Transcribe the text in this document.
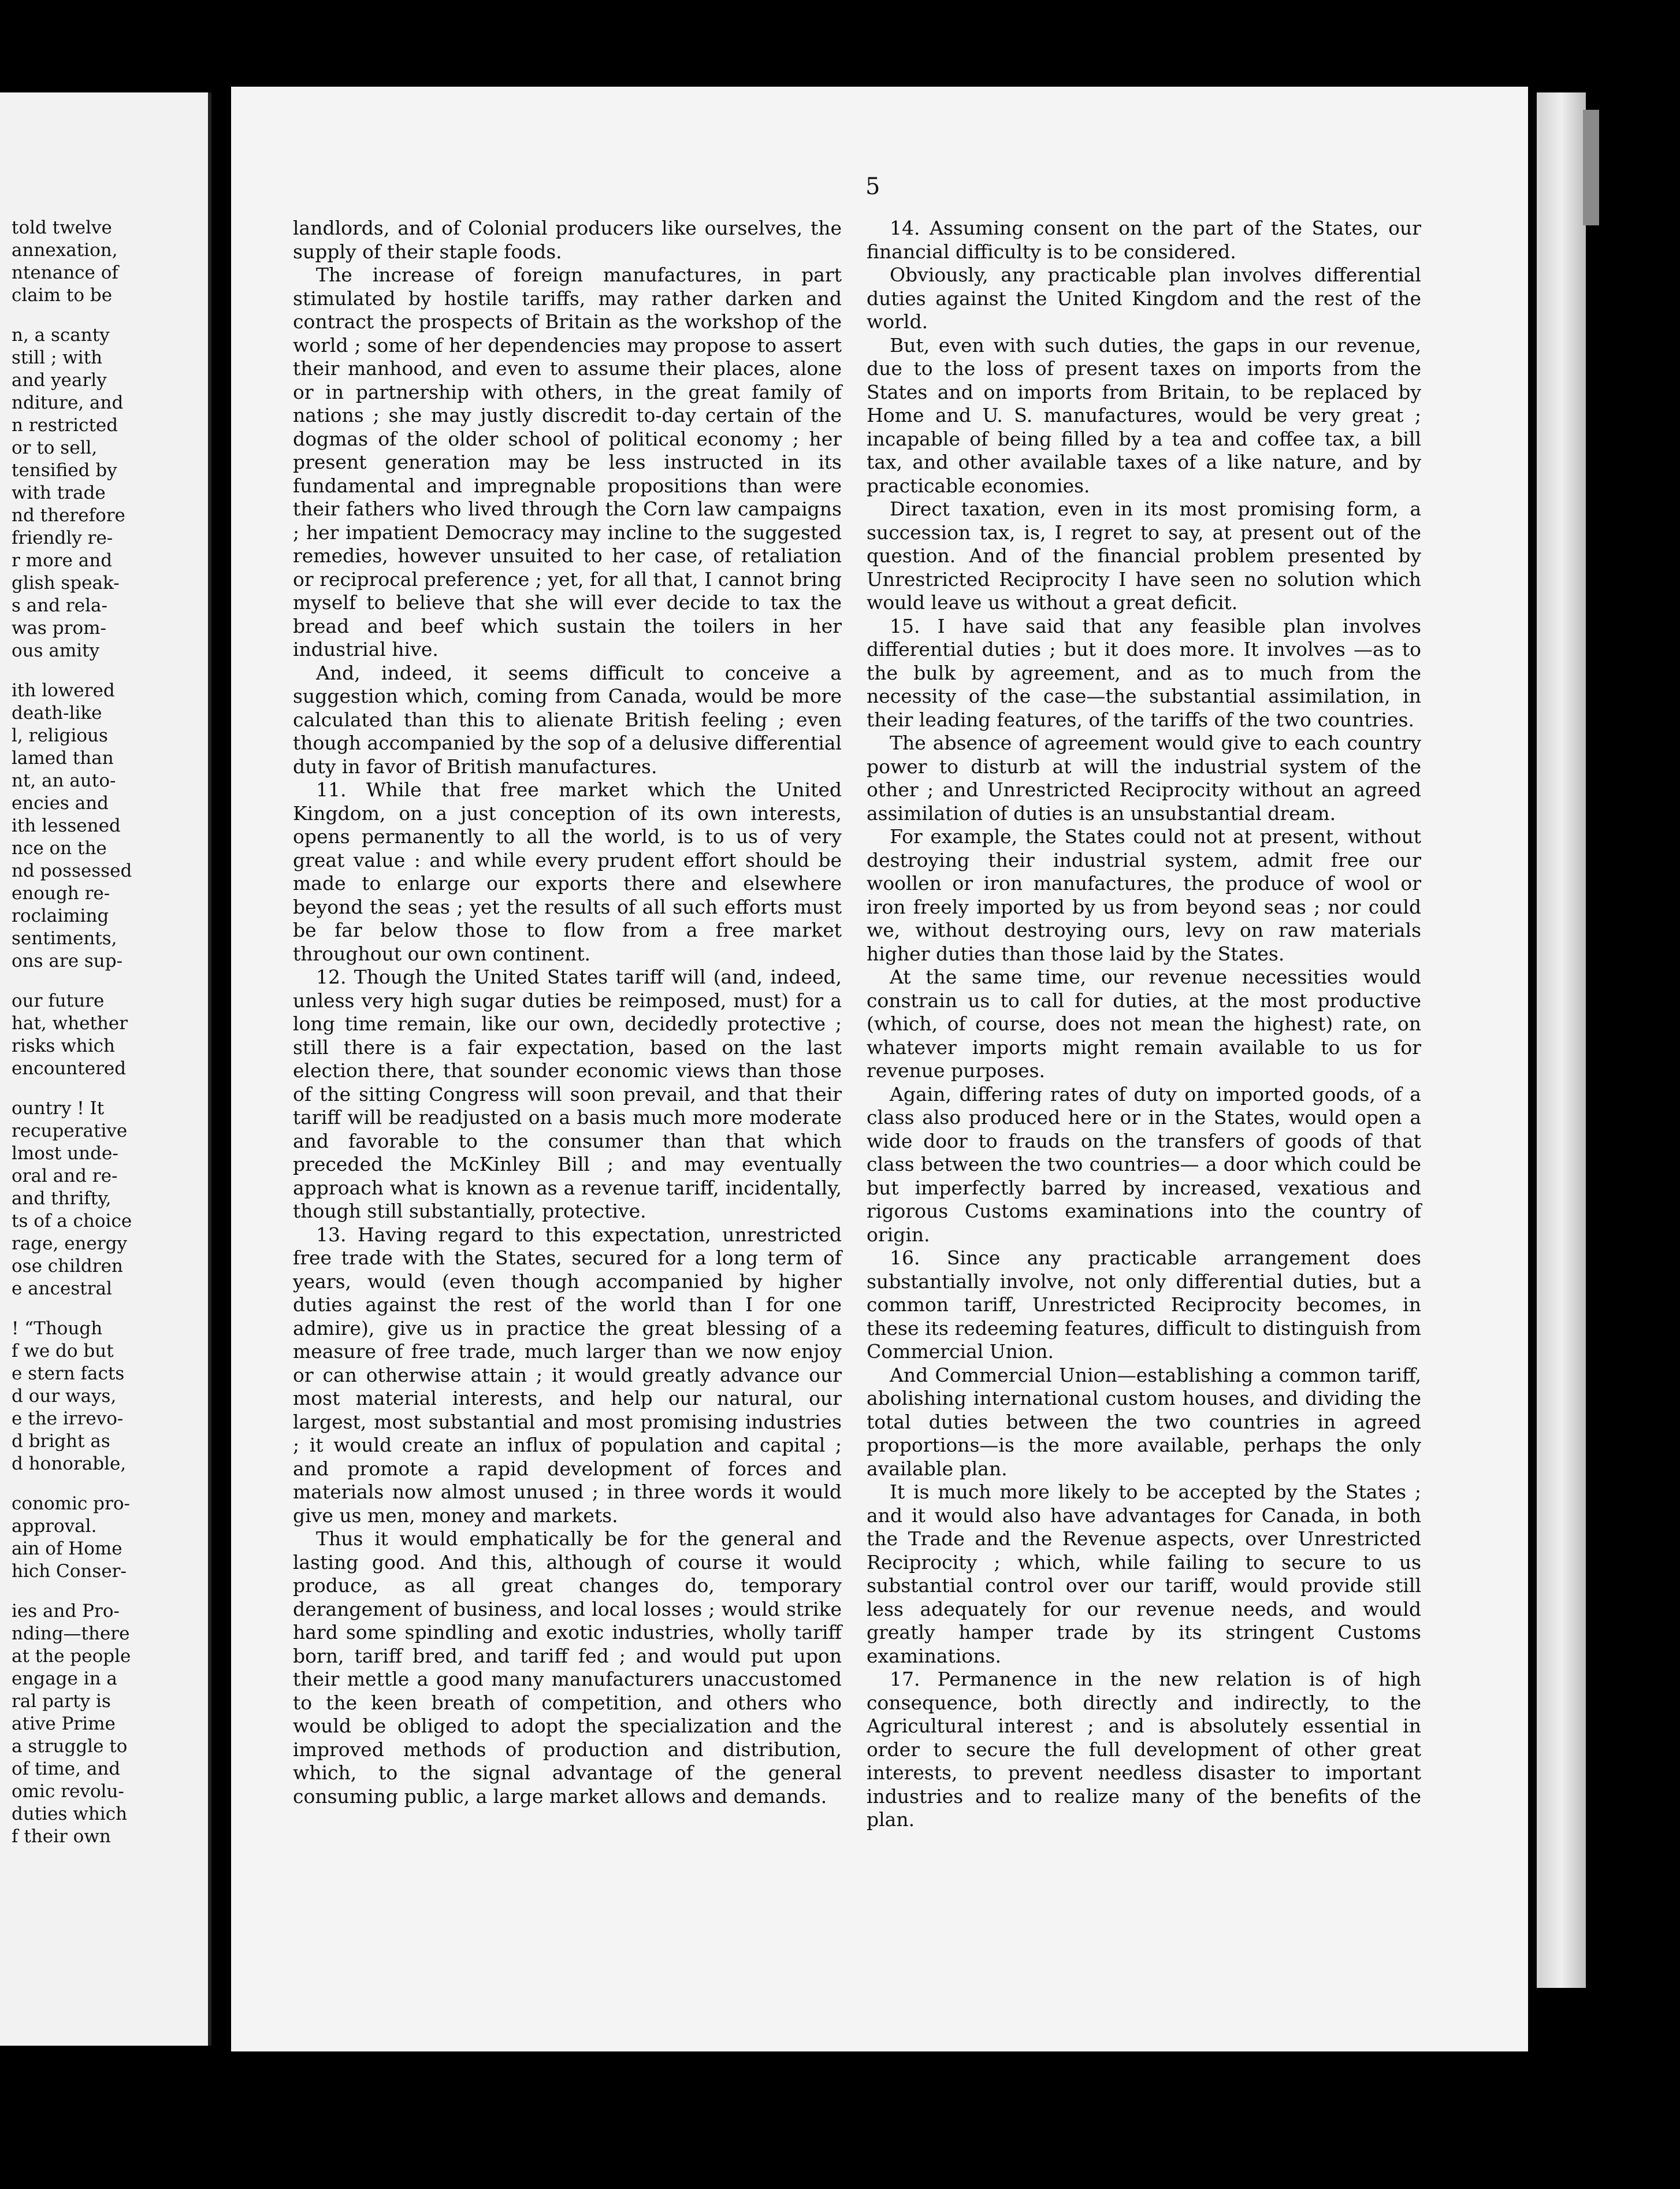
told twelve
annexation,
ntenance of
claim to be
n, a scanty
still ; with
and yearly
nditure, and
n restricted
or to sell,
tensified by
with trade
nd therefore
friendly re-
r more and
glish speak-
s and rela-
was prom-
ous amity
ith lowered
death-like
l, religious
lamed than
nt, an auto-
encies and
ith lessened
nce on the
nd possessed
enough re-
roclaiming
sentiments,
ons are sup-
our future
hat, whether
risks which
encountered
ountry ! It
recuperative
lmost unde-
oral and re-
and thrifty,
ts of a choice
rage, energy
ose children
e ancestral
! “Though
f we do but
e stern facts
d our ways,
e the irrevo-
d bright as
d honorable,
conomic pro-
approval.
ain of Home
hich Conser-
ies and Pro-
nding—there
at the people
engage in a
ral party is
ative Prime
a struggle to
of time, and
omic revolu-
duties which
f their own
5

landlords, and of Colonial producers like ourselves, the supply of their staple foods.

The increase of foreign manufactures, in part stimulated by hostile tariffs, may rather darken and contract the prospects of Britain as the workshop of the world ; some of her dependencies may propose to assert their manhood, and even to assume their places, alone or in partnership with others, in the great family of nations ; she may justly discredit to-day certain of the dogmas of the older school of political economy ; her present generation may be less instructed in its fundamental and impregnable propositions than were their fathers who lived through the Corn law campaigns ; her impatient Democracy may incline to the suggested remedies, however unsuited to her case, of retaliation or reciprocal preference ; yet, for all that, I cannot bring myself to believe that she will ever decide to tax the bread and beef which sustain the toilers in her industrial hive.

And, indeed, it seems difficult to conceive a suggestion which, coming from Canada, would be more calculated than this to alienate British feeling ; even though accompanied by the sop of a delusive differential duty in favor of British manufactures.

11. While that free market which the United Kingdom, on a just conception of its own interests, opens permanently to all the world, is to us of very great value : and while every prudent effort should be made to enlarge our exports there and elsewhere beyond the seas ; yet the results of all such efforts must be far below those to flow from a free market throughout our own continent.

12. Though the United States tariff will (and, indeed, unless very high sugar duties be reimposed, must) for a long time remain, like our own, decidedly protective ; still there is a fair expectation, based on the last election there, that sounder economic views than those of the sitting Congress will soon prevail, and that their tariff will be readjusted on a basis much more moderate and favorable to the consumer than that which preceded the McKinley Bill ; and may eventually approach what is known as a revenue tariff, incidentally, though still substantially, protective.

13. Having regard to this expectation, unrestricted free trade with the States, secured for a long term of years, would (even though accompanied by higher duties against the rest of the world than I for one admire), give us in practice the great blessing of a measure of free trade, much larger than we now enjoy or can otherwise attain ; it would greatly advance our most material interests, and help our natural, our largest, most substantial and most promising industries ; it would create an influx of population and capital ; and promote a rapid development of forces and materials now almost unused ; in three words it would give us men, money and markets.

Thus it would emphatically be for the general and lasting good. And this, although of course it would produce, as all great changes do, temporary derangement of business, and local losses ; would strike hard some spindling and exotic industries, wholly tariff born, tariff bred, and tariff fed ; and would put upon their mettle a good many manufacturers unaccustomed to the keen breath of competition, and others who would be obliged to adopt the specialization and the improved methods of production and distribution, which, to the signal advantage of the general consuming public, a large market allows and demands.

14. Assuming consent on the part of the States, our financial difficulty is to be considered.

Obviously, any practicable plan involves differential duties against the United Kingdom and the rest of the world.

But, even with such duties, the gaps in our revenue, due to the loss of present taxes on imports from the States and on imports from Britain, to be replaced by Home and U. S. manufactures, would be very great ; incapable of being filled by a tea and coffee tax, a bill tax, and other available taxes of a like nature, and by practicable economies.

Direct taxation, even in its most promising form, a succession tax, is, I regret to say, at present out of the question. And of the financial problem presented by Unrestricted Reciprocity I have seen no solution which would leave us without a great deficit.

15. I have said that any feasible plan involves differential duties ; but it does more. It involves —as to the bulk by agreement, and as to much from the necessity of the case—the substantial assimilation, in their leading features, of the tariffs of the two countries.

The absence of agreement would give to each country power to disturb at will the industrial system of the other ; and Unrestricted Reciprocity without an agreed assimilation of duties is an unsubstantial dream.

For example, the States could not at present, without destroying their industrial system, admit free our woollen or iron manufactures, the produce of wool or iron freely imported by us from beyond seas ; nor could we, without destroying ours, levy on raw materials higher duties than those laid by the States.

At the same time, our revenue necessities would constrain us to call for duties, at the most productive (which, of course, does not mean the highest) rate, on whatever imports might remain available to us for revenue purposes.

Again, differing rates of duty on imported goods, of a class also produced here or in the States, would open a wide door to frauds on the transfers of goods of that class between the two countries— a door which could be but imperfectly barred by increased, vexatious and rigorous Customs examinations into the country of origin.

16. Since any practicable arrangement does substantially involve, not only differential duties, but a common tariff, Unrestricted Reciprocity becomes, in these its redeeming features, difficult to distinguish from Commercial Union.

And Commercial Union—establishing a common tariff, abolishing international custom houses, and dividing the total duties between the two countries in agreed proportions—is the more available, perhaps the only available plan.

It is much more likely to be accepted by the States ; and it would also have advantages for Canada, in both the Trade and the Revenue aspects, over Unrestricted Reciprocity ; which, while failing to secure to us substantial control over our tariff, would provide still less adequately for our revenue needs, and would greatly hamper trade by its stringent Customs examinations.

17. Permanence in the new relation is of high consequence, both directly and indirectly, to the Agricultural interest ; and is absolutely essential in order to secure the full development of other great interests, to prevent needless disaster to important industries and to realize many of the benefits of the plan.
